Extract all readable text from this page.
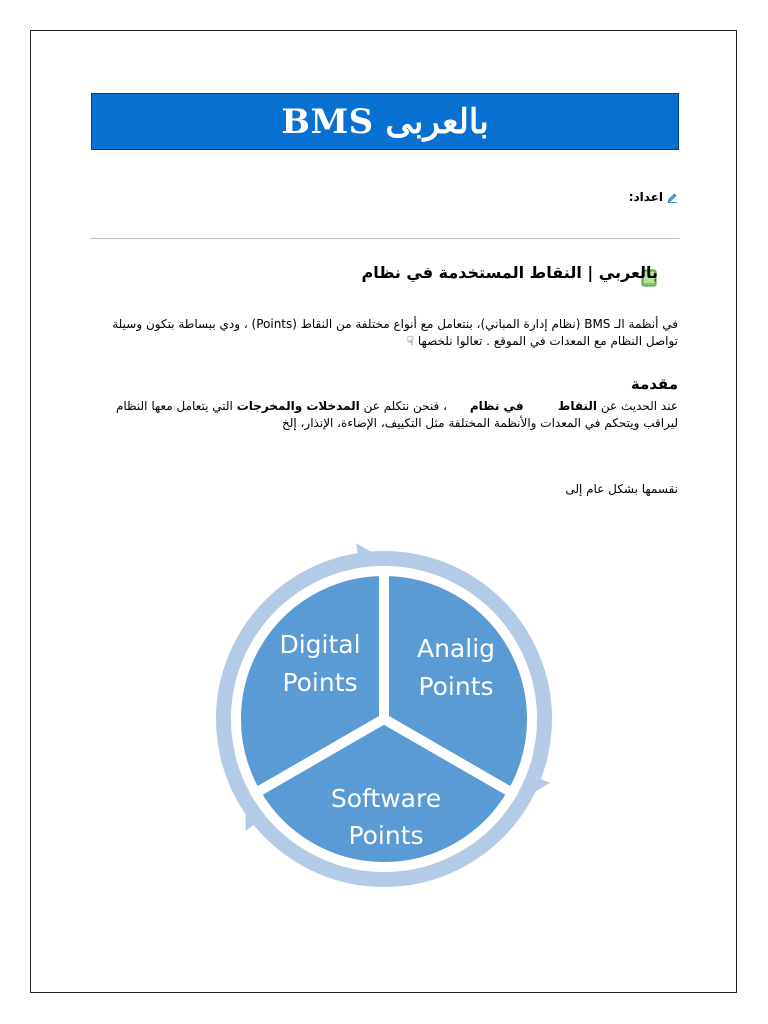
بالعربى BMS
اعداد:
بالعربي | النقاط المستخدمة في نظام
في أنظمة الـ BMS (نظام إدارة المباني)، بنتعامل مع أنواع مختلفة من النقاط (Points) ، ودي ببساطة بتكون وسيلة تواصل النظام مع المعدات في الموقع . تعالوا نلخصها ☟
مقدمة
عند الحديث عن النقاط         في نظام      ، فنحن نتكلم عن المدخلات والمخرجات التي يتعامل معها النظام ليراقب ويتحكم في المعدات والأنظمة المختلفة مثل التكييف، الإضاءة، الإنذار، إلخ
نقسمها بشكل عام إلى
Digital
Points
Analig
Points
Software
Points
